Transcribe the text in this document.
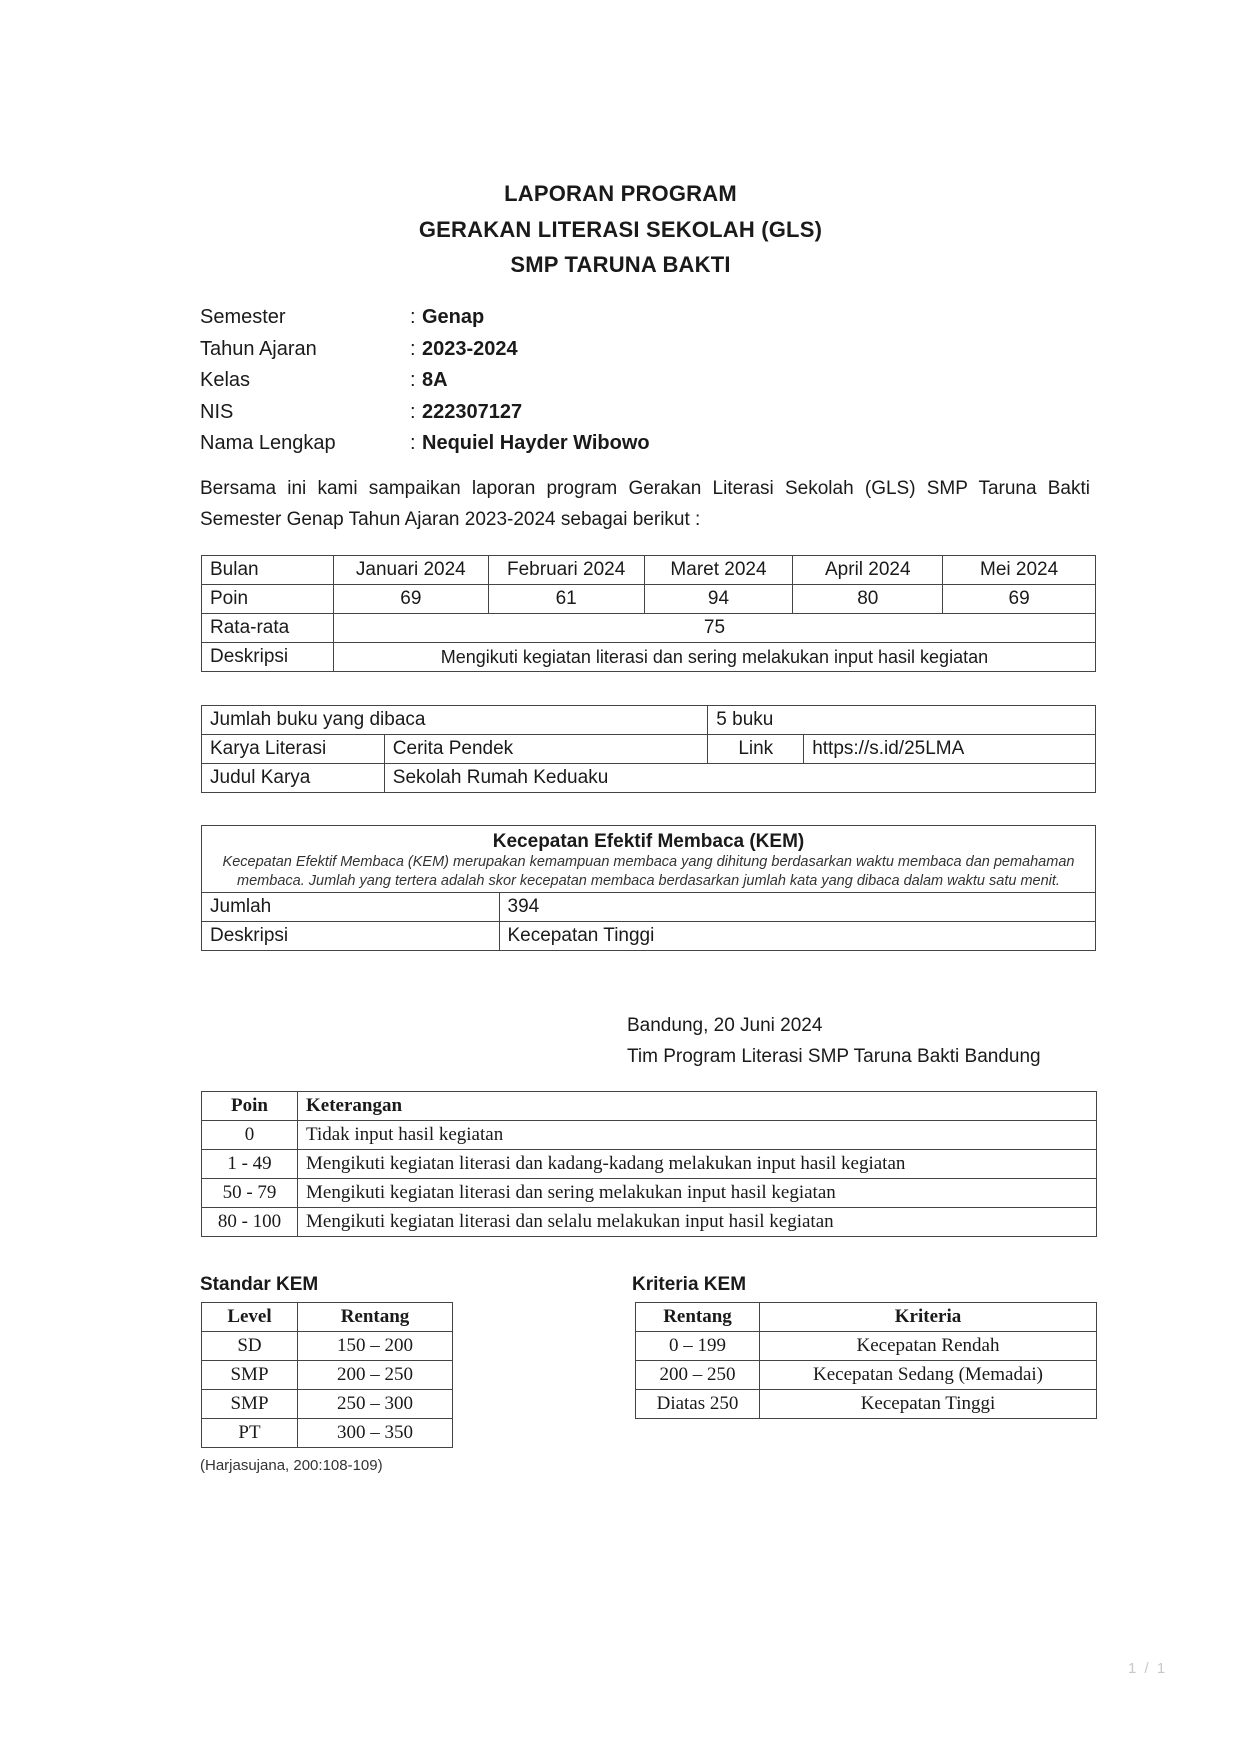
LAPORAN PROGRAM
GERAKAN LITERASI SEKOLAH (GLS)
SMP TARUNA BAKTI
Semester	: Genap
Tahun Ajaran	: 2023-2024
Kelas	: 8A
NIS	: 222307127
Nama Lengkap	: Nequiel Hayder Wibowo
Bersama ini kami sampaikan laporan program Gerakan Literasi Sekolah (GLS) SMP Taruna Bakti Semester Genap Tahun Ajaran 2023-2024 sebagai berikut :
Bulan	Januari 2024	Februari 2024	Maret 2024	April 2024	Mei 2024
Poin	69	61	94	80	69
Rata-rata	75				
Deskripsi	Mengikuti kegiatan literasi dan sering melakukan input hasil kegiatan				
Jumlah buku yang dibaca		5 buku	
Karya Literasi	Cerita Pendek	Link	https://s.id/25LMA
Judul Karya	Sekolah Rumah Keduaku		
Kecepatan Efektif Membaca (KEM)
Kecepatan Efektif Membaca (KEM) merupakan kemampuan membaca yang dihitung berdasarkan waktu membaca dan pemahaman membaca. Jumlah yang tertera adalah skor kecepatan membaca berdasarkan jumlah kata yang dibaca dalam waktu satu menit.
Jumlah	394
Deskripsi	Kecepatan Tinggi
Bandung, 20 Juni 2024
Tim Program Literasi SMP Taruna Bakti Bandung
Poin	Keterangan
0	Tidak input hasil kegiatan
1 - 49	Mengikuti kegiatan literasi dan kadang-kadang melakukan input hasil kegiatan
50 - 79	Mengikuti kegiatan literasi dan sering melakukan input hasil kegiatan
80 - 100	Mengikuti kegiatan literasi dan selalu melakukan input hasil kegiatan
Standar KEM
Level	Rentang
SD	150 – 200
SMP	200 – 250
SMP	250 – 300
PT	300 – 350
(Harjasujana, 200:108-109)
Kriteria KEM
Rentang	Kriteria
0 – 199	Kecepatan Rendah
200 – 250	Kecepatan Sedang (Memadai)
Diatas 250	Kecepatan Tinggi
1 / 1
